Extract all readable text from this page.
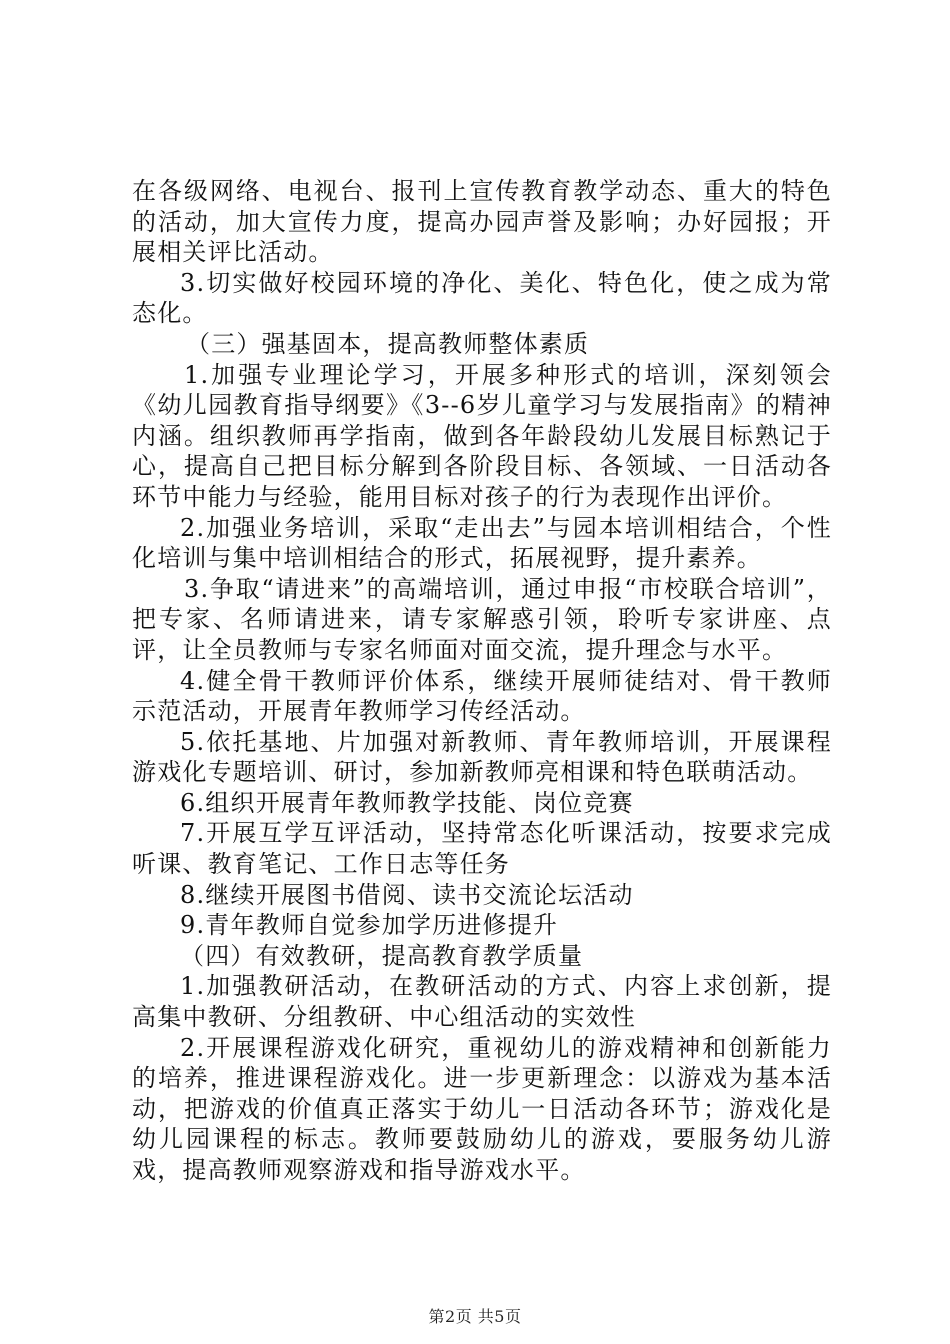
在各级网络、电视台、报刊上宣传教育教学动态、重大的特色的活动，加大宣传力度，提高办园声誉及影响；办好园报；开展相关评比活动。

3.切实做好校园环境的净化、美化、特色化，使之成为常态化。

（三）强基固本，提高教师整体素质

1.加强专业理论学习，开展多种形式的培训，深刻领会《幼儿园教育指导纲要》《3--6岁儿童学习与发展指南》的精神内涵。组织教师再学指南，做到各年龄段幼儿发展目标熟记于心，提高自己把目标分解到各阶段目标、各领域、一日活动各环节中能力与经验，能用目标对孩子的行为表现作出评价。

2.加强业务培训，采取“走出去”与园本培训相结合，个性化培训与集中培训相结合的形式，拓展视野，提升素养。

3.争取“请进来”的高端培训，通过申报“市校联合培训”，把专家、名师请进来，请专家解惑引领，聆听专家讲座、点评，让全员教师与专家名师面对面交流，提升理念与水平。

4.健全骨干教师评价体系，继续开展师徒结对、骨干教师示范活动，开展青年教师学习传经活动。

5.依托基地、片加强对新教师、青年教师培训，开展课程游戏化专题培训、研讨，参加新教师亮相课和特色联萌活动。

6.组织开展青年教师教学技能、岗位竞赛

7.开展互学互评活动，坚持常态化听课活动，按要求完成听课、教育笔记、工作日志等任务

8.继续开展图书借阅、读书交流论坛活动

9.青年教师自觉参加学历进修提升

（四）有效教研，提高教育教学质量

1.加强教研活动，在教研活动的方式、内容上求创新，提高集中教研、分组教研、中心组活动的实效性

2.开展课程游戏化研究，重视幼儿的游戏精神和创新能力的培养，推进课程游戏化。进一步更新理念：以游戏为基本活动，把游戏的价值真正落实于幼儿一日活动各环节；游戏化是幼儿园课程的标志。教师要鼓励幼儿的游戏，要服务幼儿游戏，提高教师观察游戏和指导游戏水平。

第2页 共5页
